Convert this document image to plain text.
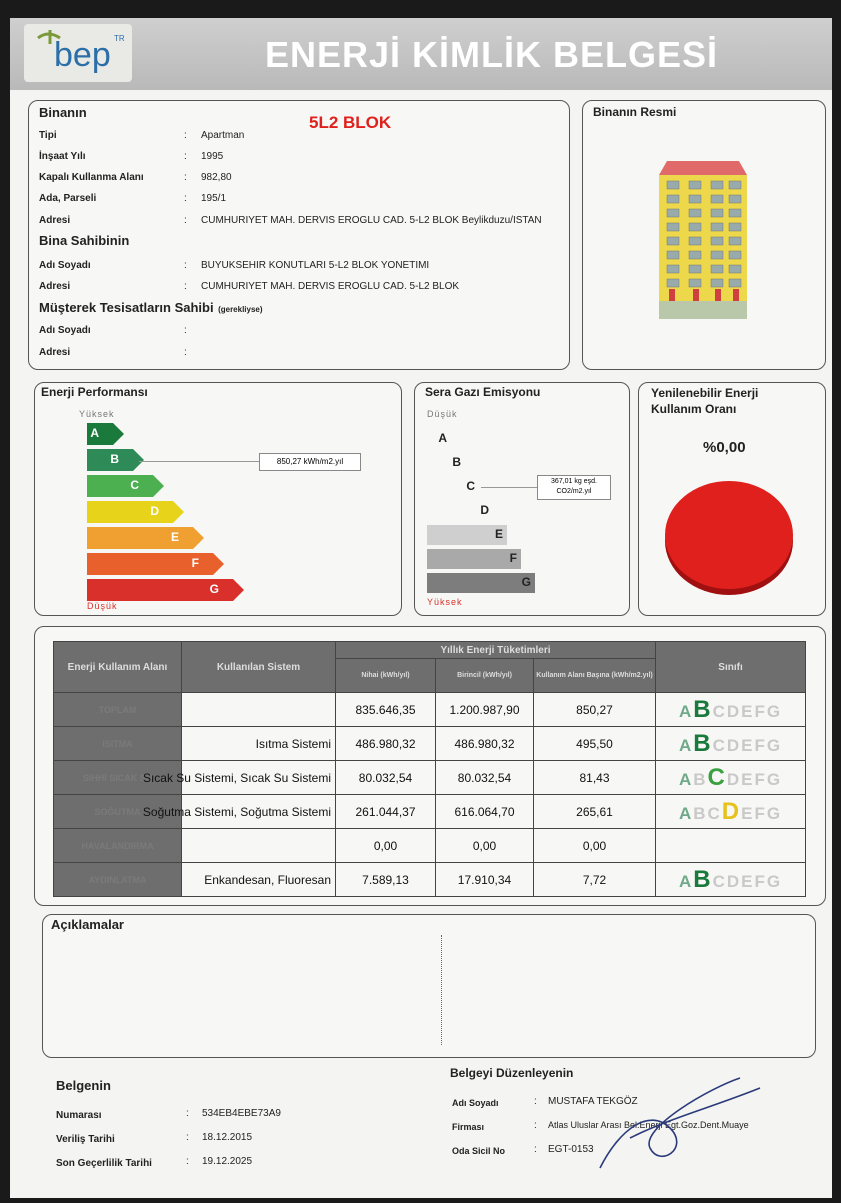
bep TR	ENERJİ KİMLİK BELGESİ
Binanın
5L2 BLOK
Tipi	: Apartman
İnşaat Yılı	: 1995
Kapalı Kullanma Alanı	: 982,80
Ada, Parseli	: 195/1
Adresi	: CUMHURIYET MAH. DERVIS EROGLU CAD. 5-L2 BLOK Beylikduzu/ISTAN
Bina Sahibinin
Adı Soyadı	: BUYUKSEHIR KONUTLARI 5-L2 BLOK YONETIMI
Adresi	: CUMHURIYET MAH. DERVIS EROGLU CAD. 5-L2 BLOK
Müşterek Tesisatların Sahibi (gerekliyse)
Adı Soyadı	:
Adresi	:
Binanın Resmi
Enerji Performansı
Yüksek
A
B
C
D
E
F
G
Düşük
850,27 kWh/m2.yıl
Sera Gazı Emisyonu
Düşük
A
B
C
D
E
F
G
Yüksek
367,01 kg eşd. CO2/m2.yıl
Yenilenebilir Enerji Kullanım Oranı
%0,00
Enerji Kullanım Alanı	Kullanılan Sistem	Yıllık Enerji Tüketimleri			Sınıfı
		Nihai (kWh/yıl)	Birincil (kWh/yıl)	Kullanım Alanı Başına (kWh/m2.yıl)	
TOPLAM		835.646,35	1.200.987,90	850,27	ABCDEFG
ISITMA	Isıtma Sistemi	486.980,32	486.980,32	495,50	ABCDEFG
SIHHİ SICAK SU	Sıcak Su Sistemi, Sıcak Su Sistemi	80.032,54	80.032,54	81,43	ABCDEFG
SOĞUTMA	Soğutma Sistemi, Soğutma Sistemi	261.044,37	616.064,70	265,61	ABCDEFG
HAVALANDIRMA		0,00	0,00	0,00	
AYDINLATMA	Enkandesan, Fluoresan	7.589,13	17.910,34	7,72	ABCDEFG
Açıklamalar
Belgenin
Numarası	: 534EB4EBE73A9
Veriliş Tarihi	: 18.12.2015
Son Geçerlilik Tarihi	: 19.12.2025
Belgeyi Düzenleyenin
Adı Soyadı	: MUSTAFA TEKGÖZ
Firması	: Atlas Uluslar Arası Bel.Enerji Egt.Goz.Dent.Muaye
Oda Sicil No	: EGT-0153
